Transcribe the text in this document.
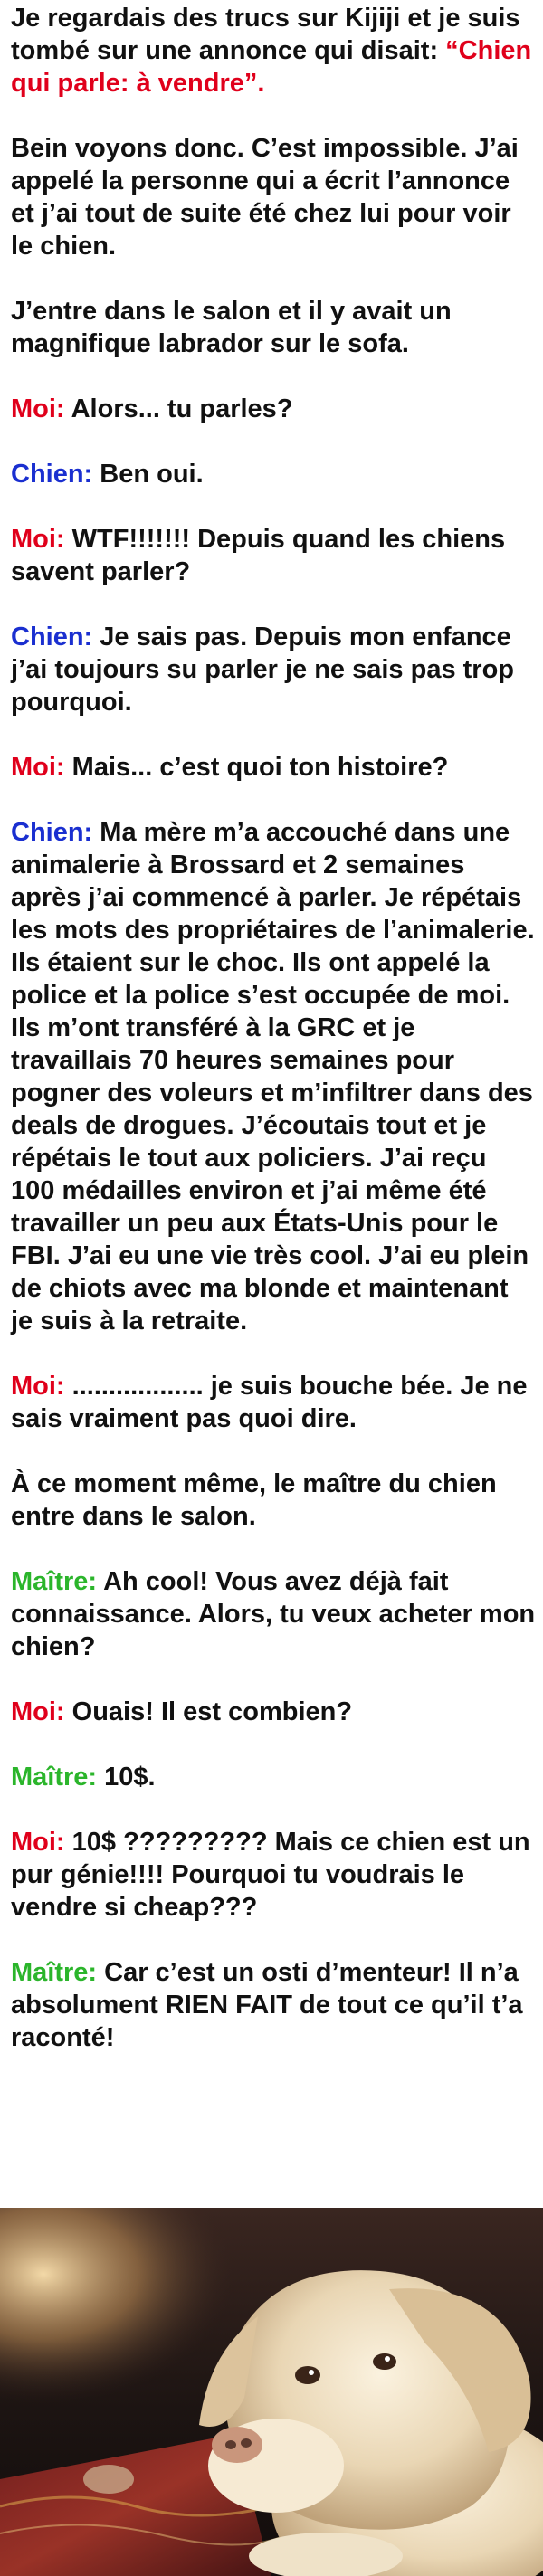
Je regardais des trucs sur Kijiji et je suis tombé sur une annonce qui disait: “Chien qui parle: à vendre”.

Bein voyons donc. C’est impossible. J’ai appelé la personne qui a écrit l’annonce et j’ai tout de suite été chez lui pour voir le chien.

J’entre dans le salon et il y avait un magnifique labrador sur le sofa.

Moi: Alors... tu parles?

Chien: Ben oui.

Moi: WTF!!!!!!! Depuis quand les chiens savent parler?

Chien: Je sais pas. Depuis mon enfance j’ai toujours su parler je ne sais pas trop pourquoi.

Moi: Mais... c’est quoi ton histoire?

Chien: Ma mère m’a accouché dans une animalerie à Brossard et 2 semaines après j’ai commencé à parler. Je répétais les mots des propriétaires de l’animalerie. Ils étaient sur le choc. Ils ont appelé la police et la police s’est occupée de moi. Ils m’ont transféré à la GRC et je travaillais 70 heures semaines pour pogner des voleurs et m’infiltrer dans des deals de drogues. J’écoutais tout et je répétais le tout aux policiers. J’ai reçu 100 médailles environ et j’ai même été travailler un peu aux États-Unis pour le FBI. J’ai eu une vie très cool. J’ai eu plein de chiots avec ma blonde et maintenant je suis à la retraite.

Moi: .................. je suis bouche bée. Je ne sais vraiment pas quoi dire.

À ce moment même, le maître du chien entre dans le salon.

Maître: Ah cool! Vous avez déjà fait connaissance. Alors, tu veux acheter mon chien?

Moi: Ouais! Il est combien?

Maître: 10$.

Moi: 10$ ????????? Mais ce chien est un pur génie!!!! Pourquoi tu voudrais le vendre si cheap???

Maître: Car c’est un osti d’menteur! Il n’a absolument RIEN FAIT de tout ce qu’il t’a raconté!
